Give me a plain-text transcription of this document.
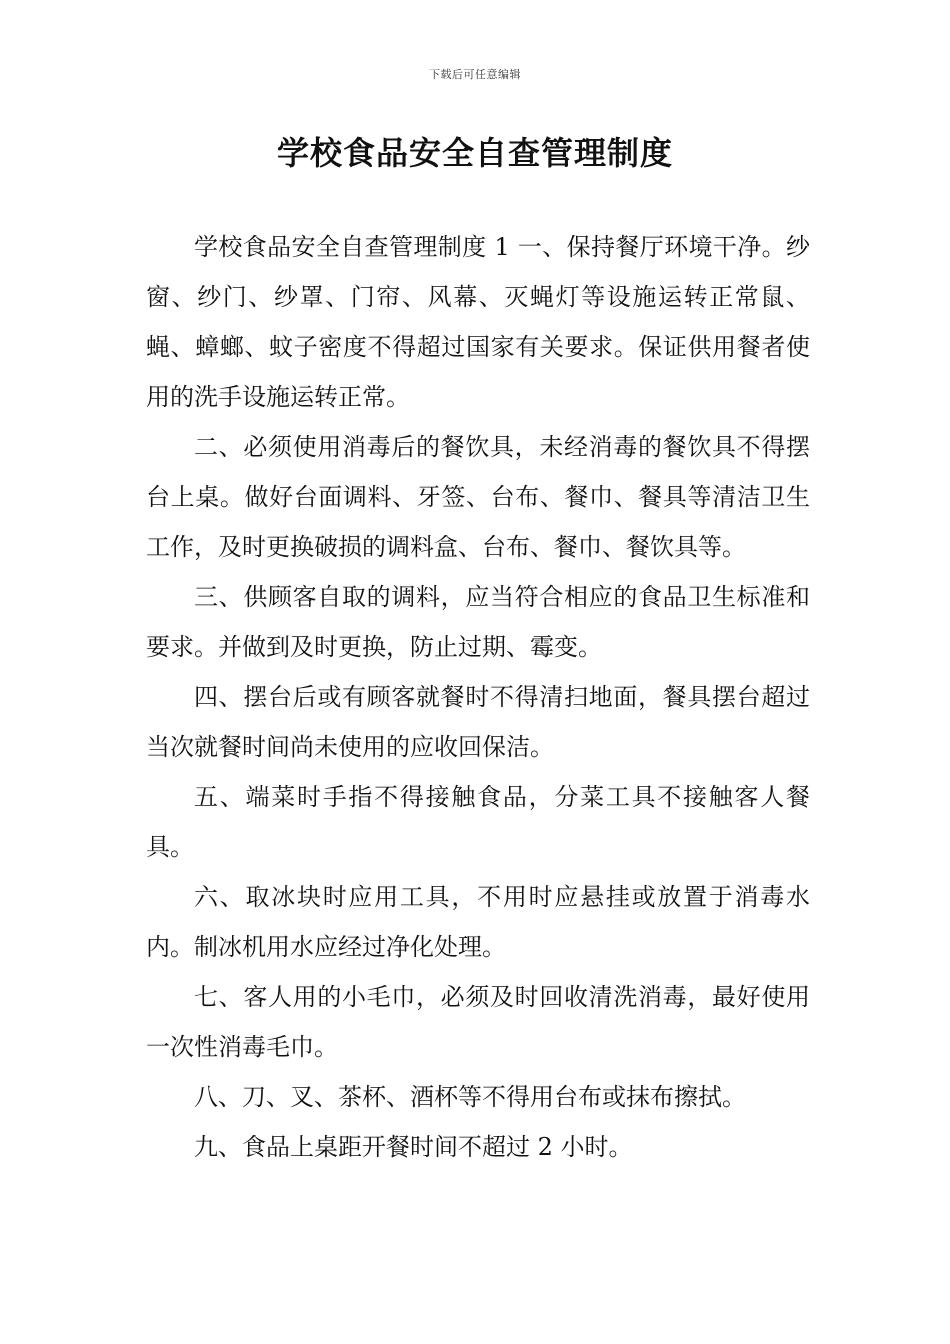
下载后可任意编辑
学校食品安全自查管理制度

学校食品安全自查管理制度 1 一、保持餐厅环境干净。纱窗、纱门、纱罩、门帘、风幕、灭蝇灯等设施运转正常鼠、蝇、蟑螂、蚊子密度不得超过国家有关要求。保证供用餐者使用的洗手设施运转正常。

二、必须使用消毒后的餐饮具，未经消毒的餐饮具不得摆台上桌。做好台面调料、牙签、台布、餐巾、餐具等清洁卫生工作，及时更换破损的调料盒、台布、餐巾、餐饮具等。

三、供顾客自取的调料，应当符合相应的食品卫生标准和要求。并做到及时更换，防止过期、霉变。

四、摆台后或有顾客就餐时不得清扫地面，餐具摆台超过当次就餐时间尚未使用的应收回保洁。

五、端菜时手指不得接触食品，分菜工具不接触客人餐具。

六、取冰块时应用工具，不用时应悬挂或放置于消毒水内。制冰机用水应经过净化处理。

七、客人用的小毛巾，必须及时回收清洗消毒，最好使用一次性消毒毛巾。

八、刀、叉、茶杯、酒杯等不得用台布或抹布擦拭。

九、食品上桌距开餐时间不超过 2 小时。
